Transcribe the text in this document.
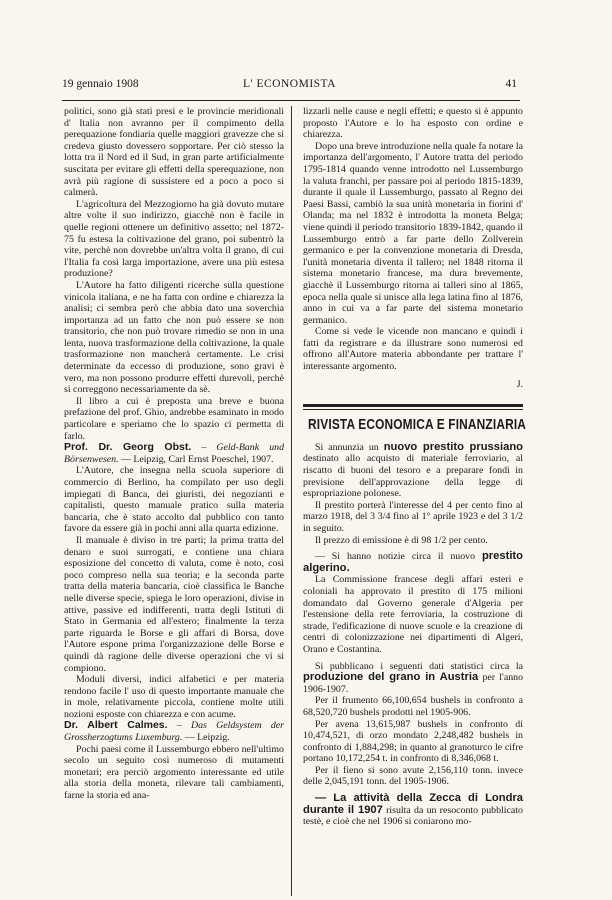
19 gennaio 1908	L' ECONOMISTA	41

politici, sono già stati presi e le provincie meridionali d' Italia non avranno per il compimento della perequazione fondiaria quelle maggiori gravezze che si credeva giusto dovessero sopportare. Per ciò stesso la lotta tra il Nord ed il Sud, in gran parte artificialmente suscitata per evitare gli effetti della sperequazione, non avrà più ragione di sussistere ed a poco a poco si calmerà.

L'agricoltura del Mezzogiorno ha già dovuto mutare altre volte il suo indirizzo, giacchè non è facile in quelle regioni ottenere un definitivo assetto; nel 1872-75 fu estesa la coltivazione del grano, poi subentrò la vite, perchè non dovrebbe un'altra volta il grano, di cui l'Italia fa così larga importazione, avere una più estesa produzione?

L'Autore ha fatto diligenti ricerche sulla questione vinicola italiana, e ne ha fatta con ordine e chiarezza la analisi; ci sembra però che abbia dato una soverchia importanza ad un fatto che non può essere se non transitorio, che non può trovare rimedio se non in una lenta, nuova trasformazione della coltivazione, la quale trasformazione non mancherà certamente. Le crisi determinate da eccesso di produzione, sono gravi è vero, ma non possono produrre effetti durevoli, perchè si correggono necessariamente da sè.

Il libro a cui è preposta una breve e buona prefazione del prof. Ghio, andrebbe esaminato in modo particolare e speriamo che lo spazio ci permetta di farlo.

Prof. Dr. Georg Obst. – Geld-Bank und Börsenwesen. — Leipzig, Carl Ernst Poeschel, 1907.

L'Autore, che insegna nella scuola superiore di commercio di Berlino, ha compilato per uso degli impiegati di Banca, dei giuristi, dei negozianti e capitalisti, questo manuale pratico sulla materia bancaria, che è stato accolto dal pubblico con tanto favore da essere già in pochi anni alla quarta edizione.

Il manuale è diviso in tre parti; la prima tratta del denaro e suoi surrogati, e contiene una chiara esposizione del concetto di valuta, come è noto, così poco compreso nella sua teoria; e la seconda parte tratta della materia bancaria, cioè classifica le Banche nelle diverse specie, spiega le loro operazioni, divise in attive, passive ed indifferenti, tratta degli Istituti di Stato in Germania ed all'estero; finalmente la terza parte riguarda le Borse e gli affari di Borsa, dove l'Autore espone prima l'organizzazione delle Borse e quindi dà ragione delle diverse operazioni che vi si compiono.

Moduli diversi, indici alfabetici e per materia rendono facile l' uso di questo importante manuale che in mole, relativamente piccola, contiene molte utili nozioni esposte con chiarezza e con acume.

Dr. Albert Calmes. – Das Geldsystem der Grossherzogtums Luxemburg. — Leipzig.

Pochi paesi come il Lussemburgo ebbero nell'ultimo secolo un seguito così numeroso di mutamenti monetari; era perciò argomento interessante ed utile alla storia della moneta, rilevare tali cambiamenti, farne la storia ed ana-

lizzarli nelle cause e negli effetti; e questo si è appunto proposto l'Autore e lo ha esposto con ordine e chiarezza.

Dopo una breve introduzione nella quale fa notare la importanza dell'argomento, l' Autore tratta del periodo 1795-1814 quando venne introdotto nel Lussemburgo la valuta franchi, per passare poi al periodo 1815-1839, durante il quale il Lussemburgo, passato al Regno dei Paesi Bassi, cambiò la sua unità monetaria in fiorini d' Olanda; ma nel 1832 è introdotta la moneta Belga; viene quindi il periodo transitorio 1839-1842, quando il Lussemburgo entrò a far parte dello Zollverein germanico e per la convenzione monetaria di Dresda, l'unità monetaria diventa il tallero; nel 1848 ritorna il sistema monetario francese, ma dura brevemente, giacchè il Lussemburgo ritorna ai talleri sino al 1865, epoca nella quale si unisce alla lega latina fino al 1876, anno in cui va a far parte del sistema monetario germanico.

Come si vede le vicende non mancano e quindi i fatti da registrare e da illustrare sono numerosi ed offrono all'Autore materia abbondante per trattare l' interessante argomento.

J.

RIVISTA ECONOMICA E FINANZIARIA

Si annunzia un nuovo prestito prussiano destinato allo acquisto di materiale ferroviario, al riscatto di buoni del tesoro e a preparare fondi in previsione dell'approvazione della legge di espropriazione polonese.

Il prestito porterà l'interesse del 4 per cento fino al marzo 1918, del 3 3/4 fino al 1° aprile 1923 e del 3 1/2 in seguito.

Il prezzo di emissione è di 98 1/2 per cento.

— Si hanno notizie circa il nuovo prestito algerino.

La Commissione francese degli affari esteri e coloniali ha approvato il prestito di 175 milioni domandato dal Governo generale d'Algeria per l'estensione della rete ferroviaria, la costruzione di strade, l'edificazione di nuove scuole e la creazione di centri di colonizzazione nei dipartimenti di Algeri, Orano e Costantina.

Si pubblicano i seguenti dati statistici circa la produzione del grano in Austria per l'anno 1906-1907.

Per il frumento 66,100,654 bushels in confronto a 68,520,720 bushels prodotti nel 1905-906.

Per avena 13,615,987 bushels in confronto di 10,474,521, di orzo mondato 2,248,482 bushels in confronto di 1,884,298; in quanto al granoturco le cifre portano 10,172,254 t. in confronto di 8,346,068 t.

Per il fieno si sono avute 2,156,110 tonn. invece delle 2,045,191 tonn. del 1905-1906.

— La attività della Zecca di Londra durante il 1907 risulta da un resoconto pubblicato testè, e cioè che nel 1906 si coniarono mo-
